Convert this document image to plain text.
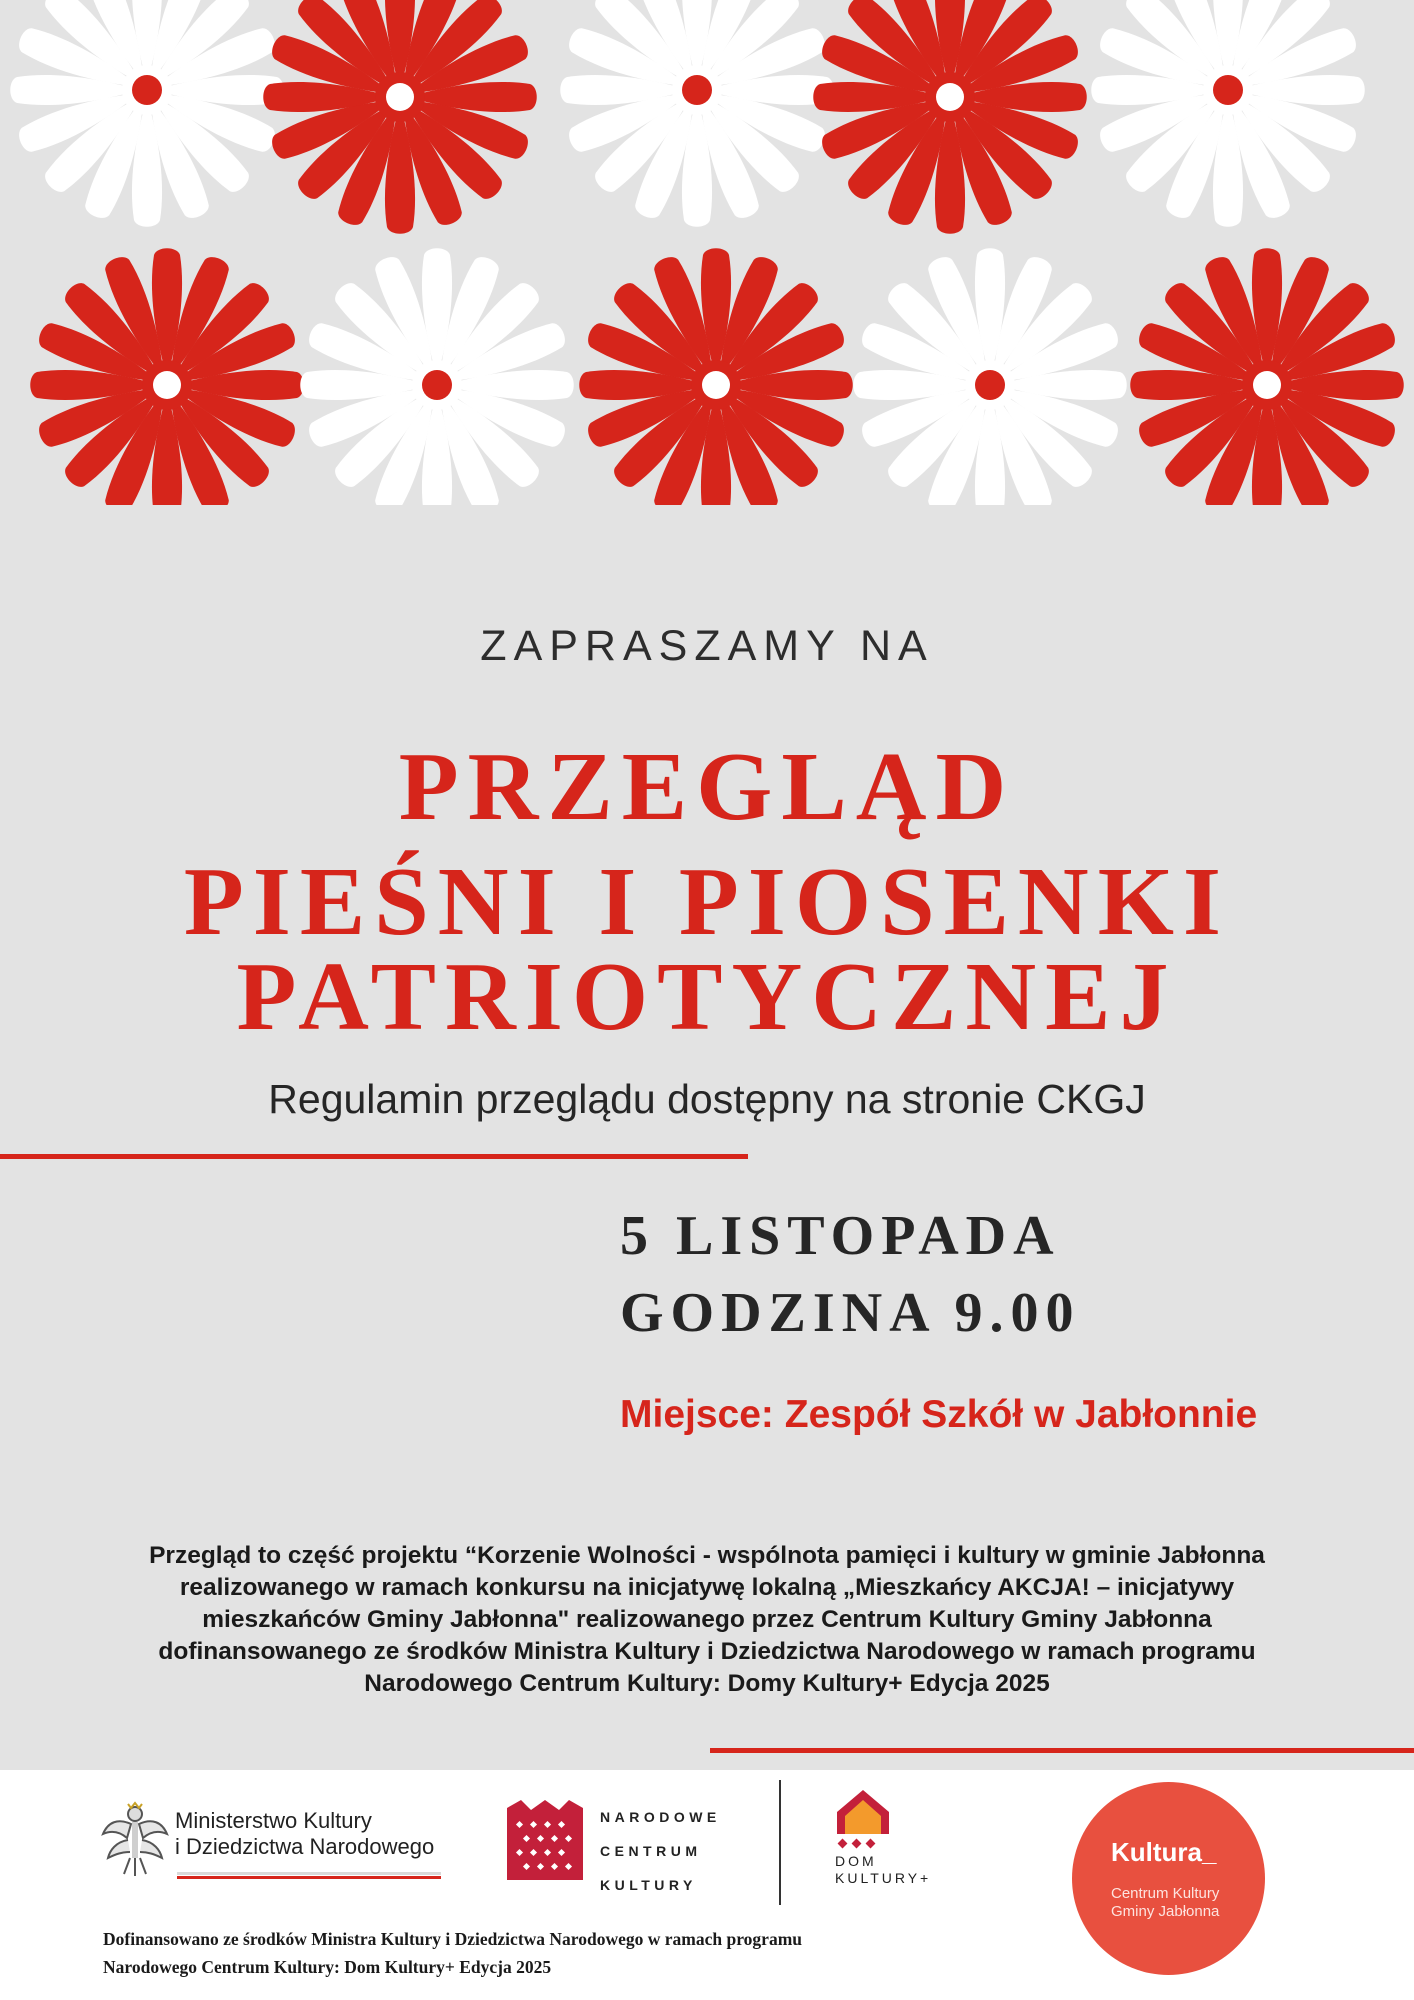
ZAPRASZAMY NA
PRZEGLĄD
PIEŚNI I PIOSENKI
PATRIOTYCZNEJ
Regulamin przeglądu dostępny na stronie CKGJ
5 LISTOPADA
GODZINA 9.00
Miejsce: Zespół Szkół w Jabłonnie
Przegląd to część projektu “Korzenie Wolności - wspólnota pamięci i kultury w gminie Jabłonna
realizowanego w ramach konkursu na inicjatywę lokalną „Mieszkańcy AKCJA! – inicjatywy
mieszkańców Gminy Jabłonna" realizowanego przez Centrum Kultury Gminy Jabłonna
dofinansowanego ze środków Ministra Kultury i Dziedzictwa Narodowego w ramach programu
Narodowego Centrum Kultury: Domy Kultury+ Edycja 2025
Ministerstwo Kultury
i Dziedzictwa Narodowego
NARODOWE
CENTRUM
KULTURY
DOM
KULTURY+
Kultura_
Centrum Kultury
Gminy Jabłonna
Dofinansowano ze środków Ministra Kultury i Dziedzictwa Narodowego w ramach programu
Narodowego Centrum Kultury: Dom Kultury+ Edycja 2025
